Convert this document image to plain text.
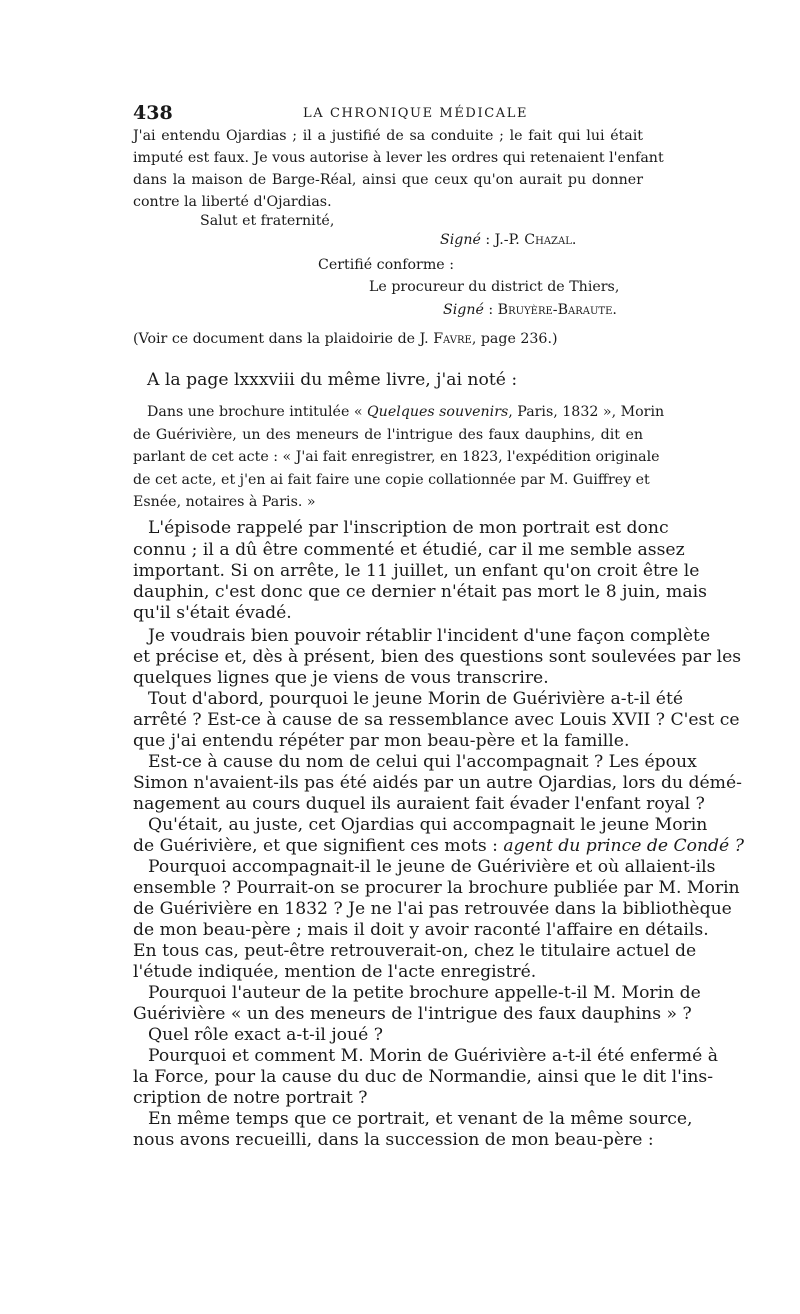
438	LA CHRONIQUE MÉDICALE
J'ai entendu Ojardias ; il a justifié de sa conduite ; le fait qui lui était
imputé est faux. Je vous autorise à lever les ordres qui retenaient l'enfant
dans la maison de Barge-Réal, ainsi que ceux qu'on aurait pu donner
contre la liberté d'Ojardias.
Salut et fraternité,
Signé : J.-P. Chazal.
Certifié conforme :
Le procureur du district de Thiers,
Signé : Bruyère-Baraute.
(Voir ce document dans la plaidoirie de J. Favre, page 236.)
A la page lxxxviii du même livre, j'ai noté :
Dans une brochure intitulée « Quelques souvenirs, Paris, 1832 », Morin
de Guérivière, un des meneurs de l'intrigue des faux dauphins, dit en
parlant de cet acte : « J'ai fait enregistrer, en 1823, l'expédition originale
de cet acte, et j'en ai fait faire une copie collationnée par M. Guiffrey et
Esnée, notaires à Paris. »
L'épisode rappelé par l'inscription de mon portrait est donc
connu ; il a dû être commenté et étudié, car il me semble assez
important. Si on arrête, le 11 juillet, un enfant qu'on croit être le
dauphin, c'est donc que ce dernier n'était pas mort le 8 juin, mais
qu'il s'était évadé.
Je voudrais bien pouvoir rétablir l'incident d'une façon complète
et précise et, dès à présent, bien des questions sont soulevées par les
quelques lignes que je viens de vous transcrire.
Tout d'abord, pourquoi le jeune Morin de Guérivière a-t-il été
arrêté ? Est-ce à cause de sa ressemblance avec Louis XVII ? C'est ce
que j'ai entendu répéter par mon beau-père et la famille.
Est-ce à cause du nom de celui qui l'accompagnait ? Les époux
Simon n'avaient-ils pas été aidés par un autre Ojardias, lors du démé-
nagement au cours duquel ils auraient fait évader l'enfant royal ?
Qu'était, au juste, cet Ojardias qui accompagnait le jeune Morin
de Guérivière, et que signifient ces mots : agent du prince de Condé ?
Pourquoi accompagnait-il le jeune de Guérivière et où allaient-ils
ensemble ? Pourrait-on se procurer la brochure publiée par M. Morin
de Guérivière en 1832 ? Je ne l'ai pas retrouvée dans la bibliothèque
de mon beau-père ; mais il doit y avoir raconté l'affaire en détails.
En tous cas, peut-être retrouverait-on, chez le titulaire actuel de
l'étude indiquée, mention de l'acte enregistré.
Pourquoi l'auteur de la petite brochure appelle-t-il M. Morin de
Guérivière « un des meneurs de l'intrigue des faux dauphins » ?
Quel rôle exact a-t-il joué ?
Pourquoi et comment M. Morin de Guérivière a-t-il été enfermé à
la Force, pour la cause du duc de Normandie, ainsi que le dit l'ins-
cription de notre portrait ?
En même temps que ce portrait, et venant de la même source,
nous avons recueilli, dans la succession de mon beau-père :
